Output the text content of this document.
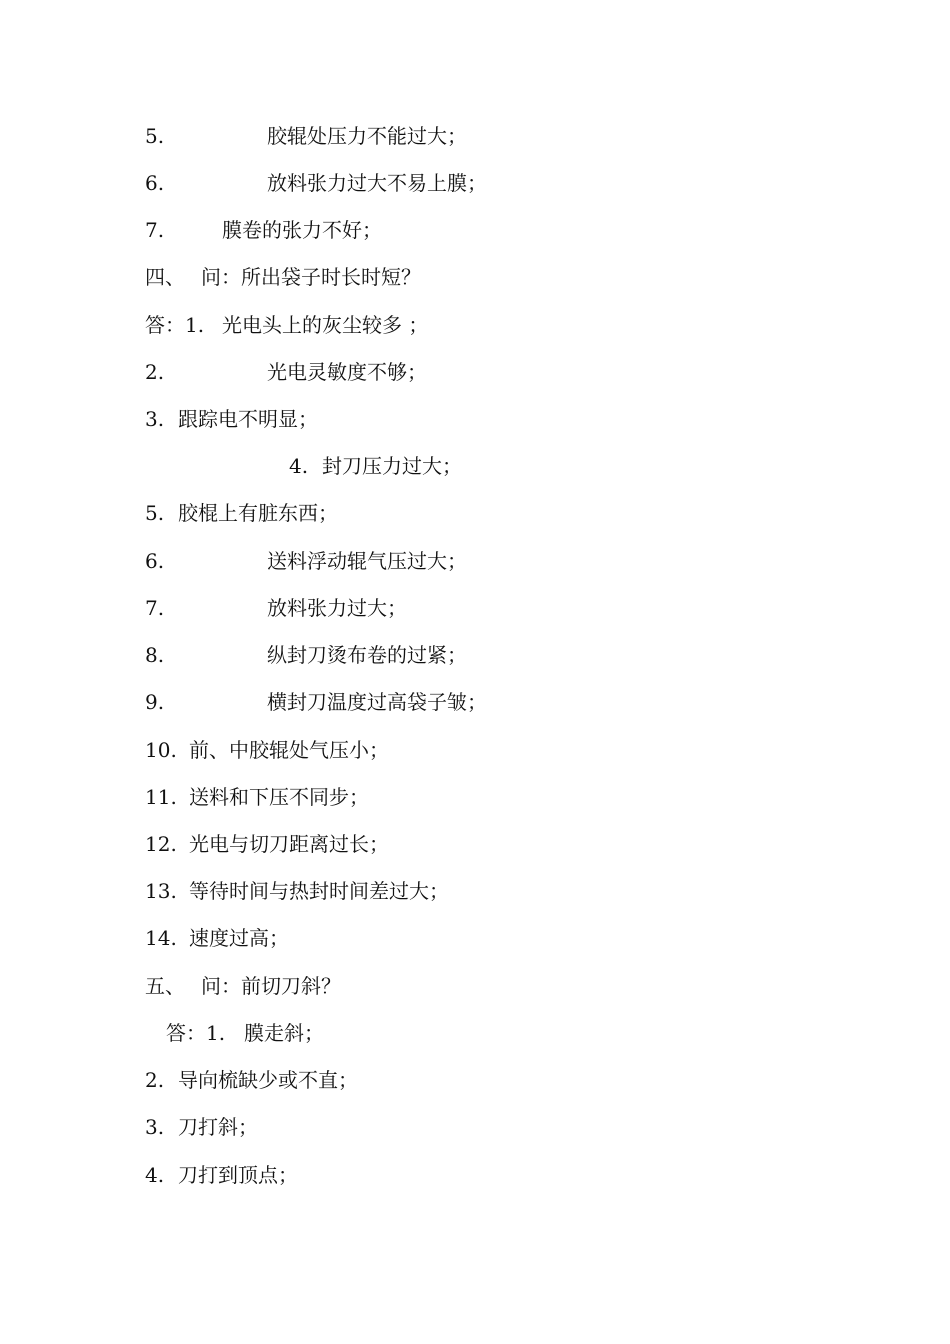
5.	胶辊处压力不能过大；
6.	放料张力过大不易上膜；
7.	膜卷的张力不好；
四、 问：所出袋子时长时短？
答：1. 光电头上的灰尘较多 ；
2.	光电灵敏度不够；
3. 跟踪电不明显；
4. 封刀压力过大；
5. 胶棍上有脏东西；
6.	送料浮动辊气压过大；
7.	放料张力过大；
8.	纵封刀烫布卷的过紧；
9.	横封刀温度过高袋子皱；
10. 前、中胶辊处气压小；
11. 送料和下压不同步；
12. 光电与切刀距离过长；
13. 等待时间与热封时间差过大；
14. 速度过高；
五、 问：前切刀斜？
答：1. 膜走斜；
2. 导向梳缺少或不直；
3. 刀打斜；
4. 刀打到顶点；
